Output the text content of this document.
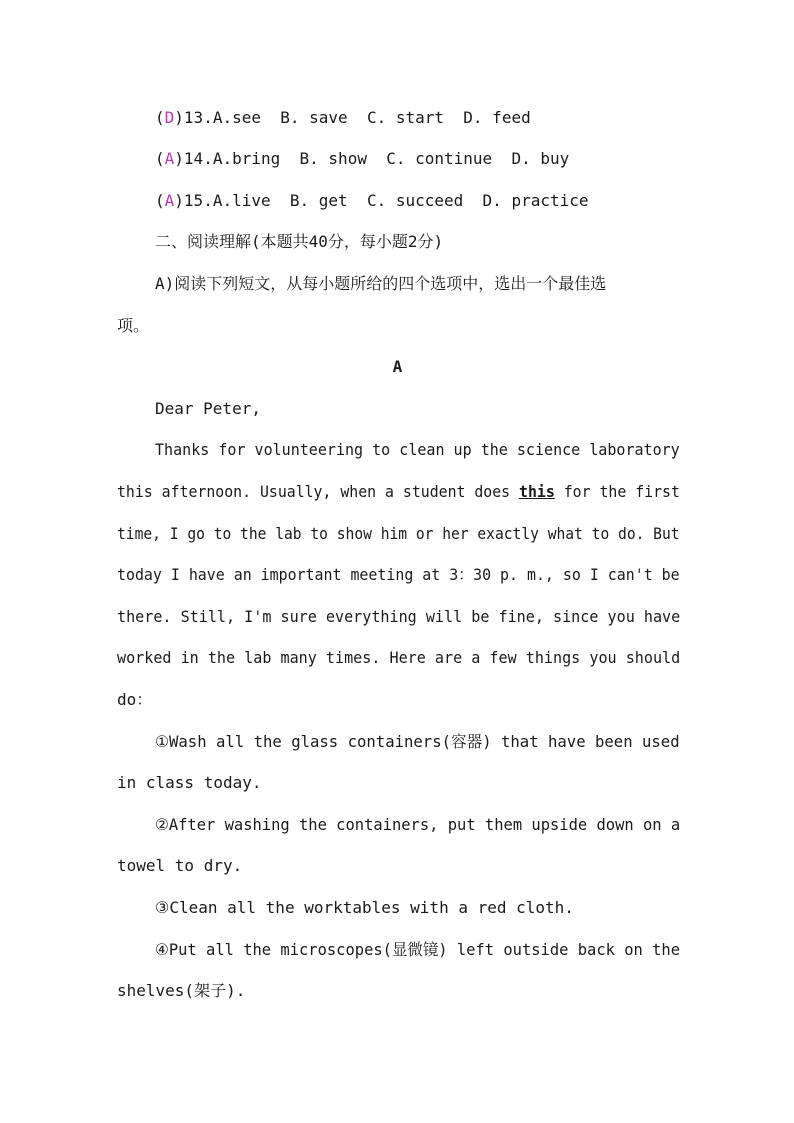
(D)13.A.see  B. save  C. start  D. feed
(A)14.A.bring  B. show  C. continue  D. buy
(A)15.A.live  B. get  C. succeed  D. practice
二、阅读理解(本题共40分，每小题2分)
A)阅读下列短文，从每小题所给的四个选项中，选出一个最佳选
项。
A
Dear Peter,
Thanks for volunteering to clean up the science laboratory
this afternoon. Usually, when a student does this for the first
time, I go to the lab to show him or her exactly what to do. But
today I have an important meeting at 3：30 p. m., so I can't be
there. Still, I'm sure everything will be fine, since you have
worked in the lab many times. Here are a few things you should
do：
①Wash all the glass containers(容器) that have been used
in class today.
②After washing the containers, put them upside down on a
towel to dry.
③Clean all the worktables with a red cloth.
④Put all the microscopes(显微镜) left outside back on the
shelves(架子).
